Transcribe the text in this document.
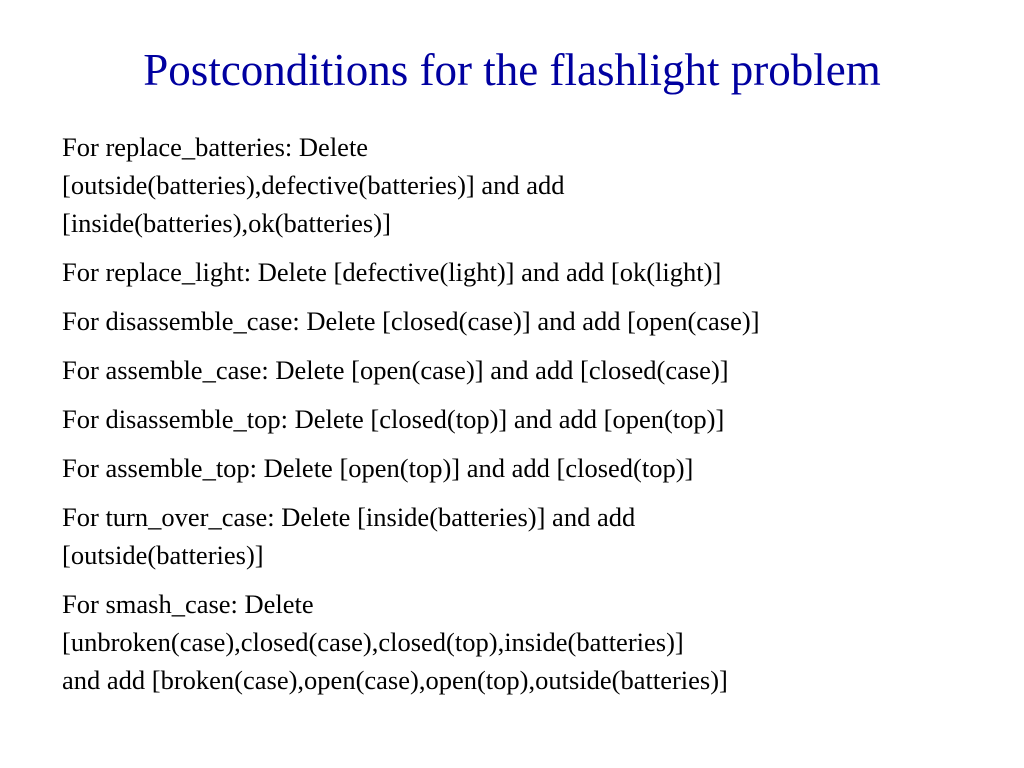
Postconditions for the flashlight problem
For replace_batteries: Delete
[outside(batteries),defective(batteries)] and add
[inside(batteries),ok(batteries)]
For replace_light: Delete [defective(light)] and add [ok(light)]
For disassemble_case: Delete [closed(case)] and add [open(case)]
For assemble_case: Delete [open(case)] and add [closed(case)]
For disassemble_top: Delete [closed(top)] and add [open(top)]
For assemble_top: Delete [open(top)] and add [closed(top)]
For turn_over_case: Delete [inside(batteries)] and add
[outside(batteries)]
For smash_case: Delete
[unbroken(case),closed(case),closed(top),inside(batteries)]
and add [broken(case),open(case),open(top),outside(batteries)]
